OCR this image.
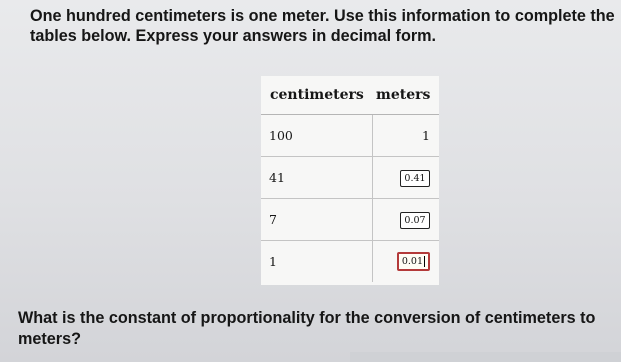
One hundred centimeters is one meter. Use this information to complete the tables below. Express your answers in decimal form.

centimeters	meters
100	1
41	0.41
7	0.07
1	0.01

What is the constant of proportionality for the conversion of centimeters to meters?
